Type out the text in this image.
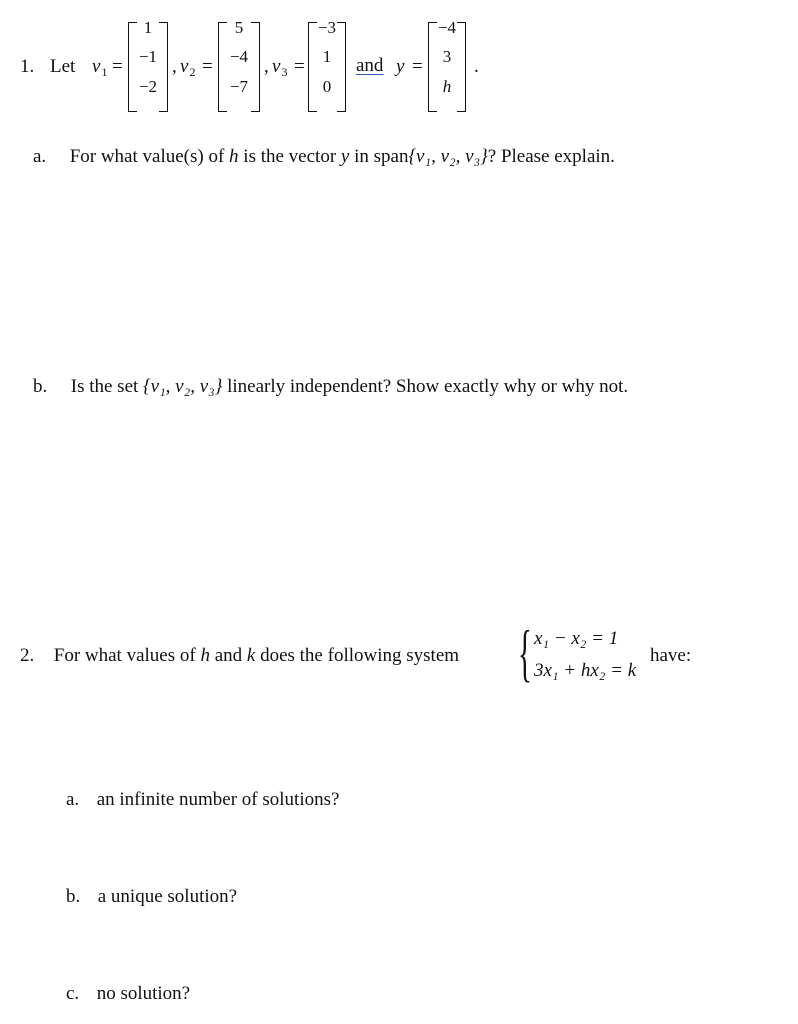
1. Let $v_1$ =
1
−1
−2
, $v_2$ =
5
−4
−7
, $v_3$ =
−3
1
0
and y =
−4
3
h
.
a. For what value(s) of h is the vector y in span{v₁, v₂, v₃}? Please explain.
b. Is the set {v₁, v₂, v₃} linearly independent? Show exactly why or why not.
2. For what values of h and k does the following system { x₁ − x₂ = 1
3x₁ + hx₂ = k
have:
a. an infinite number of solutions?
b. a unique solution?
c. no solution?
